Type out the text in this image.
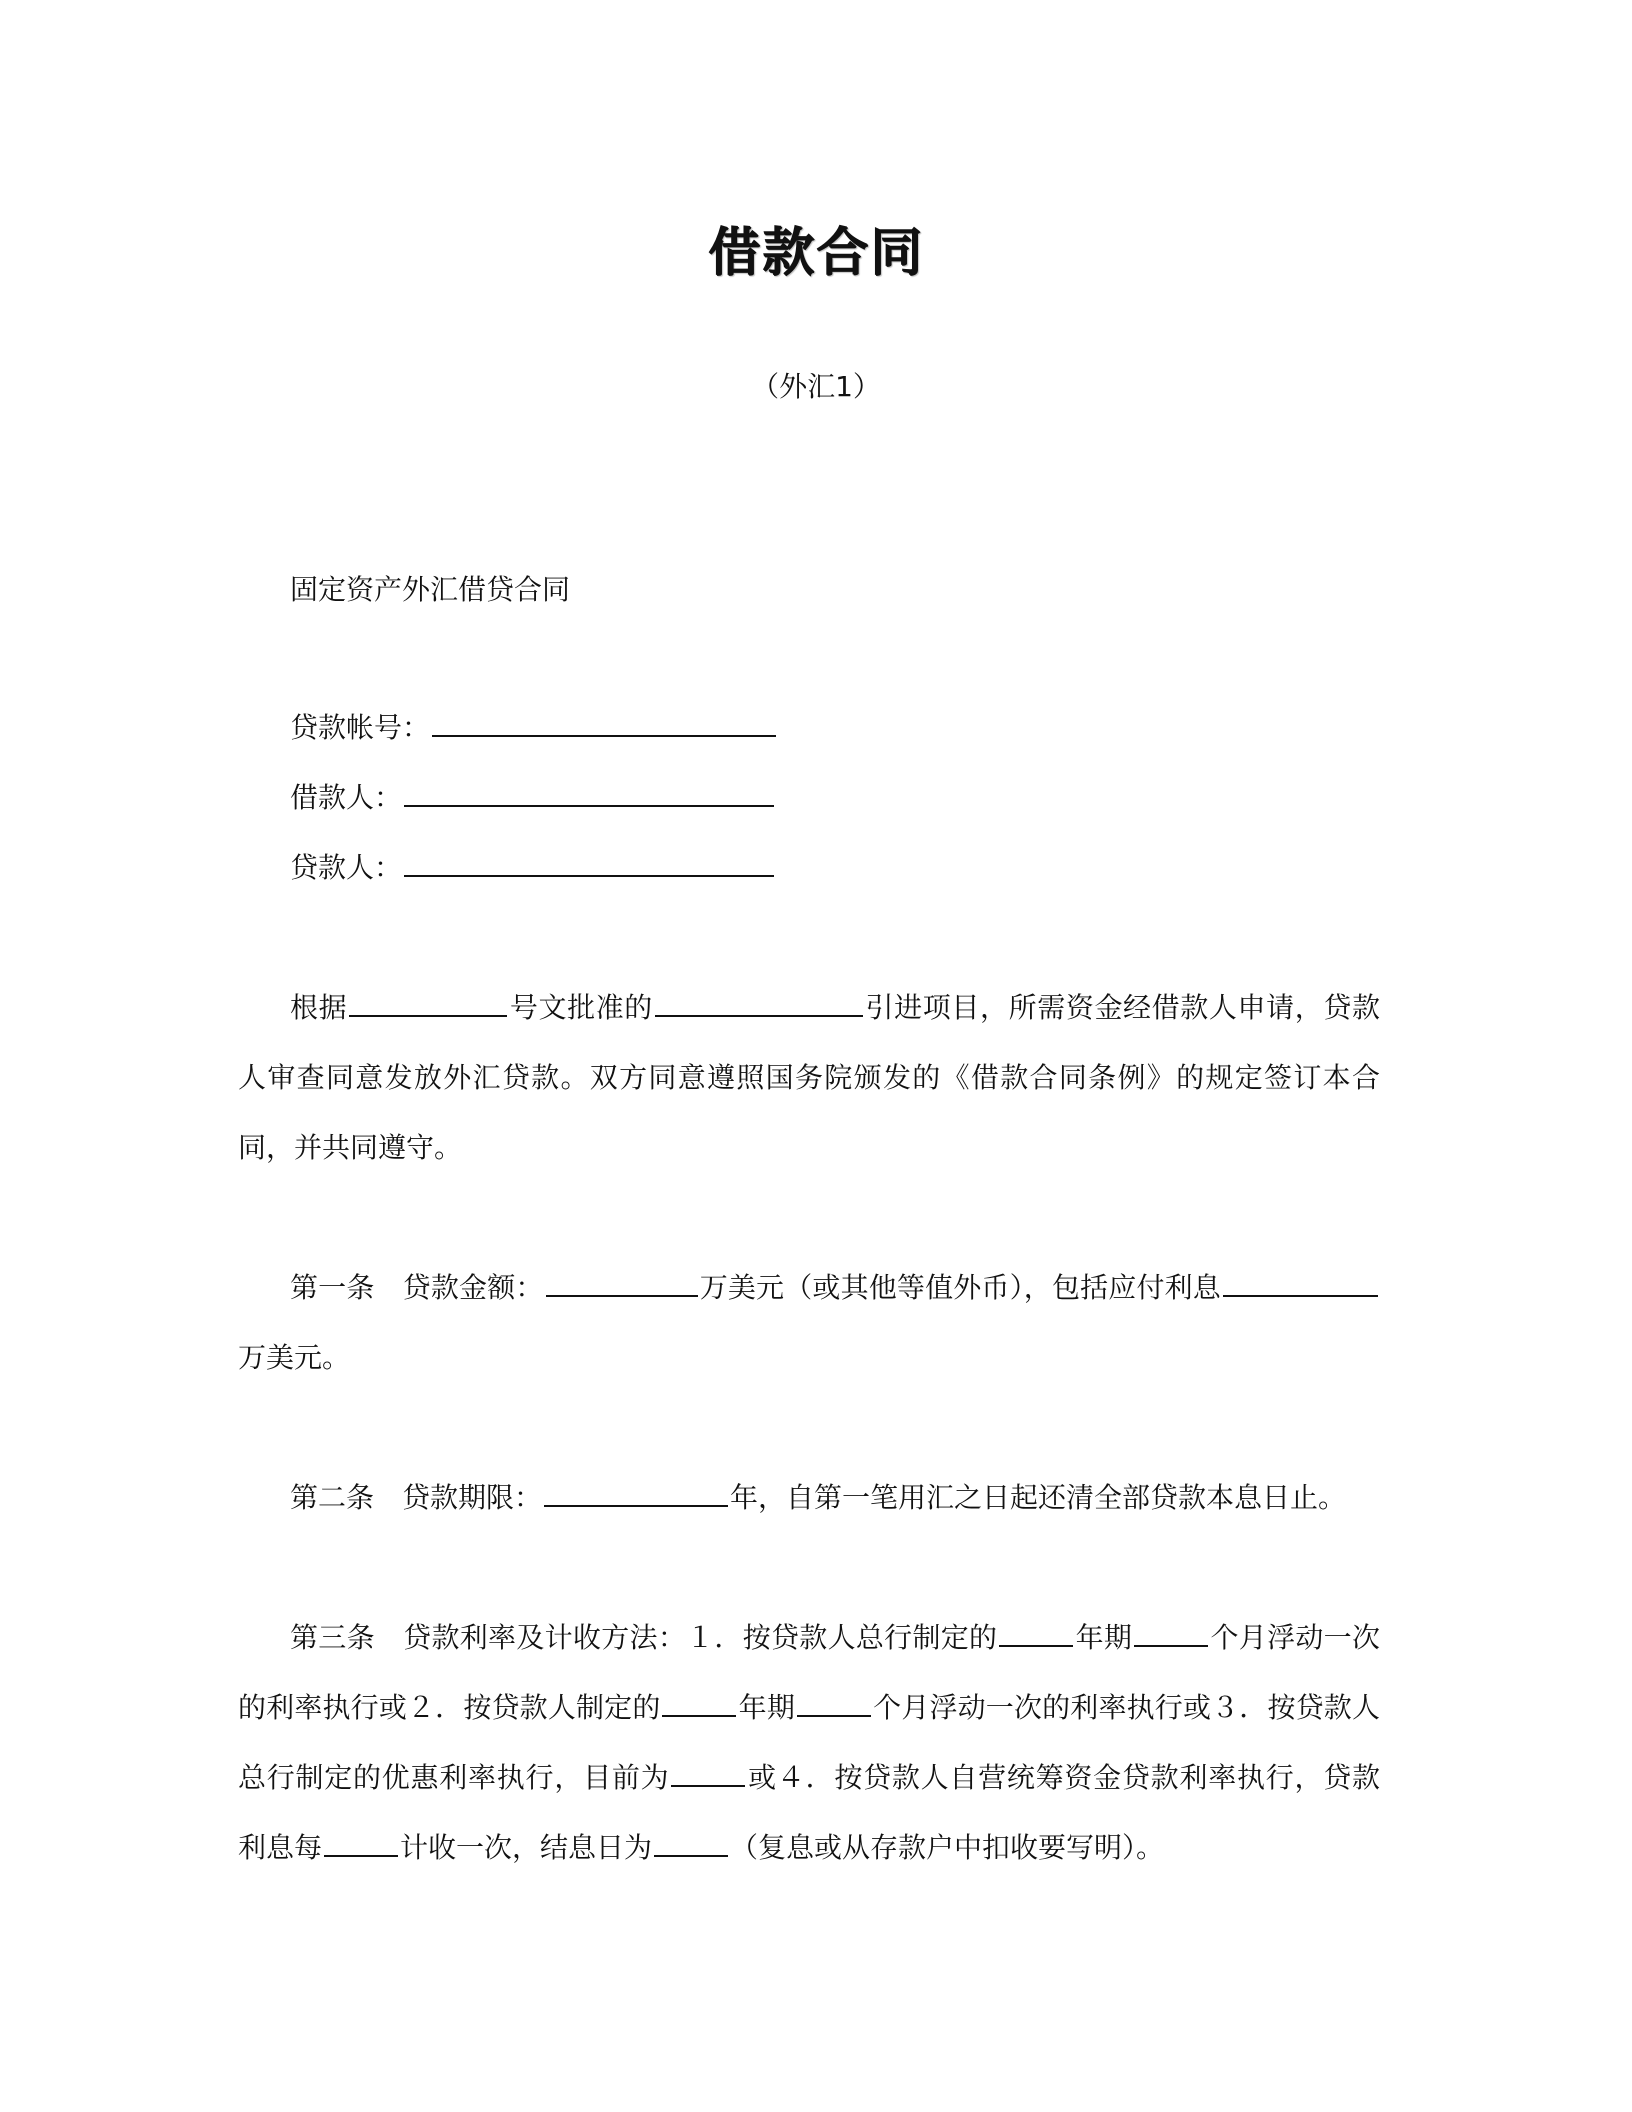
借款合同
（外汇1）
固定资产外汇借贷合同
贷款帐号：
借款人：
贷款人：
根据	号文批准的	引进项目，所需资金经借款人申请，贷款人审查同意发放外汇贷款。双方同意遵照国务院颁发的《借款合同条例》的规定签订本合同，并共同遵守。
第一条 贷款金额：	万美元（或其他等值外币），包括应付利息万美元。
第二条 贷款期限：	年，自第一笔用汇之日起还清全部贷款本息日止。
第三条 贷款利率及计收方法：１．按贷款人总行制定的	年期	个月浮动一次的利率执行或２．按贷款人制定的	年期	个月浮动一次的利率执行或３．按贷款人总行制定的优惠利率执行，目前为	或４．按贷款人自营统筹资金贷款利率执行，贷款利息每	计收一次，结息日为	（复息或从存款户中扣收要写明）。
